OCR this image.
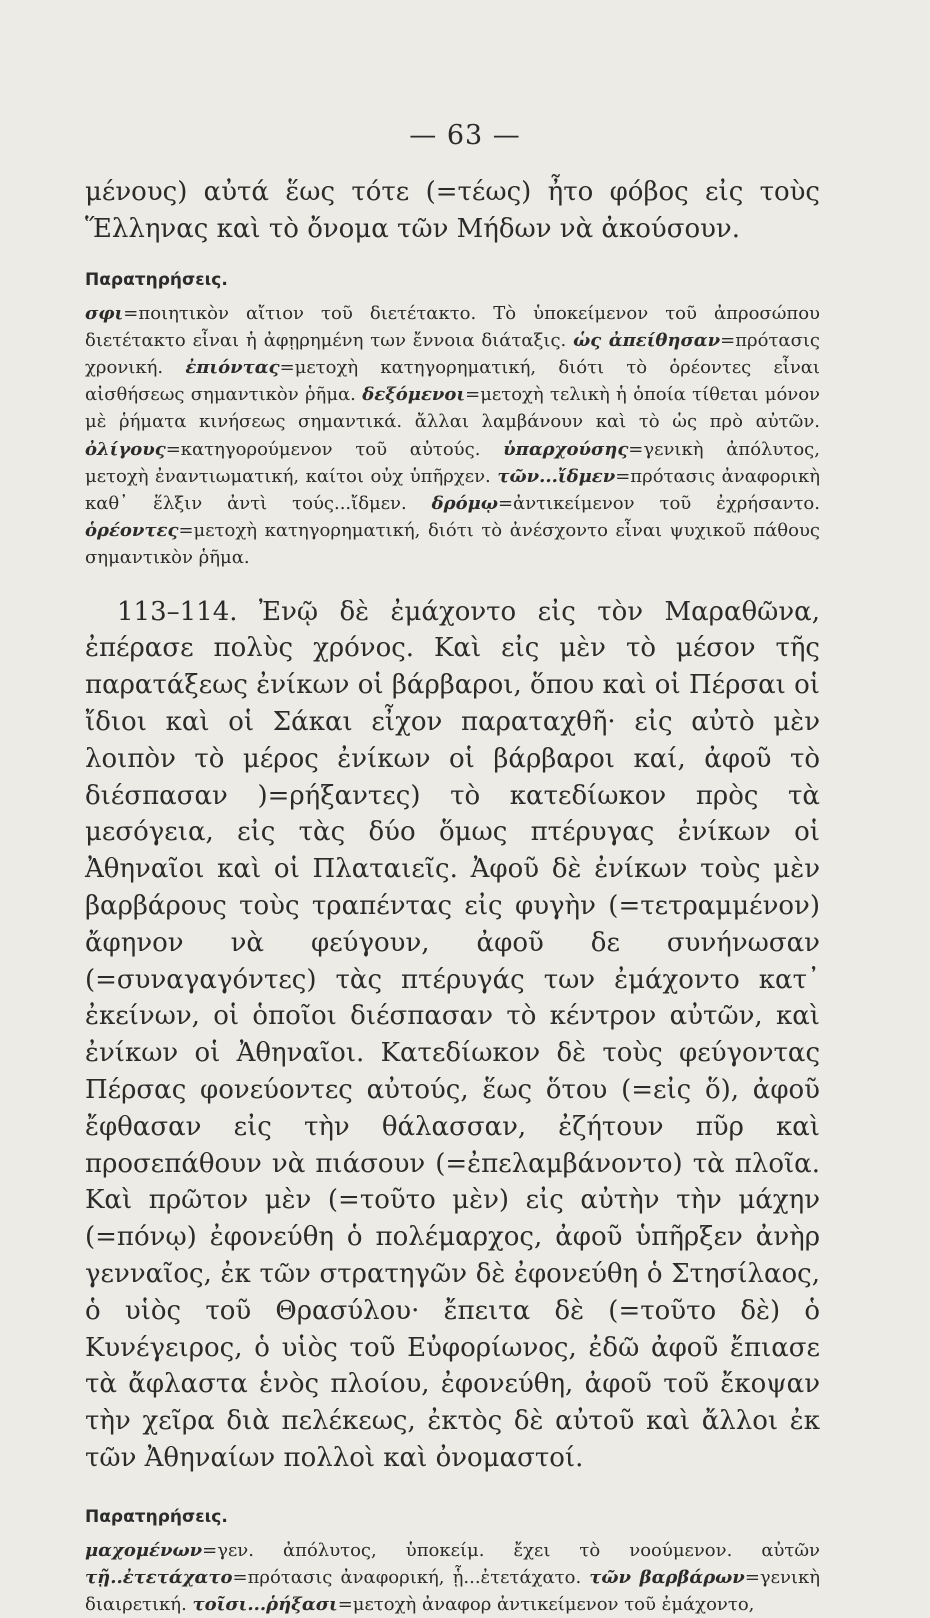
— 63 —

μένους) αὐτά ἕως τότε (=τέως) ἦτο φόβος εἰς τοὺς Ἕλληνας καὶ τὸ ὄνομα τῶν Μήδων νὰ ἀκούσουν.

Παρατηρήσεις.

σφι=ποιητικὸν αἴτιον τοῦ διετέτακτο. Τὸ ὑποκείμενον τοῦ ἀπροσώπου διετέτακτο εἶναι ἡ ἀφῃρημένη των ἔννοια διάταξις. ὡς ἀπείθησαν=πρότασις χρονική. ἐπιόντας=μετοχὴ κατηγορηματική, διότι τὸ ὁρέοντες εἶναι αἰσθήσεως σημαντικὸν ῥῆμα. δεξόμενοι=μετοχὴ τελικὴ ἡ ὁποία τίθεται μόνον μὲ ῥήματα κινήσεως σημαντικά. ἄλλαι λαμβάνουν καὶ τὸ ὡς πρὸ αὐτῶν. ὀλίγους=κατηγορούμενον τοῦ αὐτούς. ὑπαρχούσης=γενικὴ ἀπόλυτος, μετοχὴ ἐναντιωματική, καίτοι οὐχ ὑπῆρχεν. τῶν...ἴδμεν=πρότασις ἀναφορικὴ καθ᾽ ἕλξιν ἀντὶ τούς...ἴδμεν. δρόμῳ=ἀντικείμενον τοῦ ἐχρήσαντο. ὁρέοντες=μετοχὴ κατηγορηματική, διότι τὸ ἀνέσχοντο εἶναι ψυχικοῦ πάθους σημαντικὸν ῥῆμα.

113–114. Ἐνῷ δὲ ἐμάχοντο εἰς τὸν Μαραθῶνα, ἐπέρασε πολὺς χρόνος. Καὶ εἰς μὲν τὸ μέσον τῆς παρατάξεως ἐνίκων οἱ βάρβαροι, ὅπου καὶ οἱ Πέρσαι οἱ ἴδιοι καὶ οἱ Σάκαι εἶχον παραταχθῆ· εἰς αὐτὸ μὲν λοιπὸν τὸ μέρος ἐνίκων οἱ βάρβαροι καί, ἀφοῦ τὸ διέσπασαν )=ρήξαντες) τὸ κατεδίωκον πρὸς τὰ μεσόγεια, εἰς τὰς δύο ὅμως πτέρυγας ἐνίκων οἱ Ἀθηναῖοι καὶ οἱ Πλαταιεῖς. Ἀφοῦ δὲ ἐνίκων τοὺς μὲν βαρβάρους τοὺς τραπέντας εἰς φυγὴν (=τετραμμένον) ἄφηνον νὰ φεύγουν, ἀφοῦ δε συνήνωσαν (=συναγαγόντες) τὰς πτέρυγάς των ἐμάχοντο κατ᾽ ἐκείνων, οἱ ὁποῖοι διέσπασαν τὸ κέντρον αὐτῶν, καὶ ἐνίκων οἱ Ἀθηναῖοι. Κατεδίωκον δὲ τοὺς φεύγοντας Πέρσας φονεύοντες αὐτούς, ἕως ὅτου (=εἰς ὅ), ἀφοῦ ἔφθασαν εἰς τὴν θάλασσαν, ἐζήτουν πῦρ καὶ προσεπάθουν νὰ πιάσουν (=ἐπελαμβάνοντο) τὰ πλοῖα. Καὶ πρῶτον μὲν (=τοῦτο μὲν) εἰς αὐτὴν τὴν μάχην (=πόνῳ) ἐφονεύθη ὁ πολέμαρχος, ἀφοῦ ὑπῆρξεν ἀνὴρ γενναῖος, ἐκ τῶν στρατηγῶν δὲ ἐφονεύθη ὁ Στησίλαος, ὁ υἱὸς τοῦ Θρασύλου· ἔπειτα δὲ (=τοῦτο δὲ) ὁ Κυνέγειρος, ὁ υἱὸς τοῦ Εὐφορίωνος, ἐδῶ ἀφοῦ ἔπιασε τὰ ἄφλαστα ἑνὸς πλοίου, ἐφονεύθη, ἀφοῦ τοῦ ἔκοψαν τὴν χεῖρα διὰ πελέκεως, ἐκτὸς δὲ αὐτοῦ καὶ ἄλλοι ἐκ τῶν Ἀθηναίων πολλοὶ καὶ ὀνομαστοί.

Παρατηρήσεις.

μαχομένων=γεν. ἀπόλυτος, ὑποκείμ. ἔχει τὸ νοούμενον. αὐτῶν τῇ..ἐτετάχατο=πρότασις ἀναφορική, ᾗ...ἐτετάχατο. τῶν βαρβάρων=γενικὴ διαιρετική. τοῖσι...ῥήξασι=μετοχὴ ἀναφορ ἀντικείμενον τοῦ ἐμάχοντο,
